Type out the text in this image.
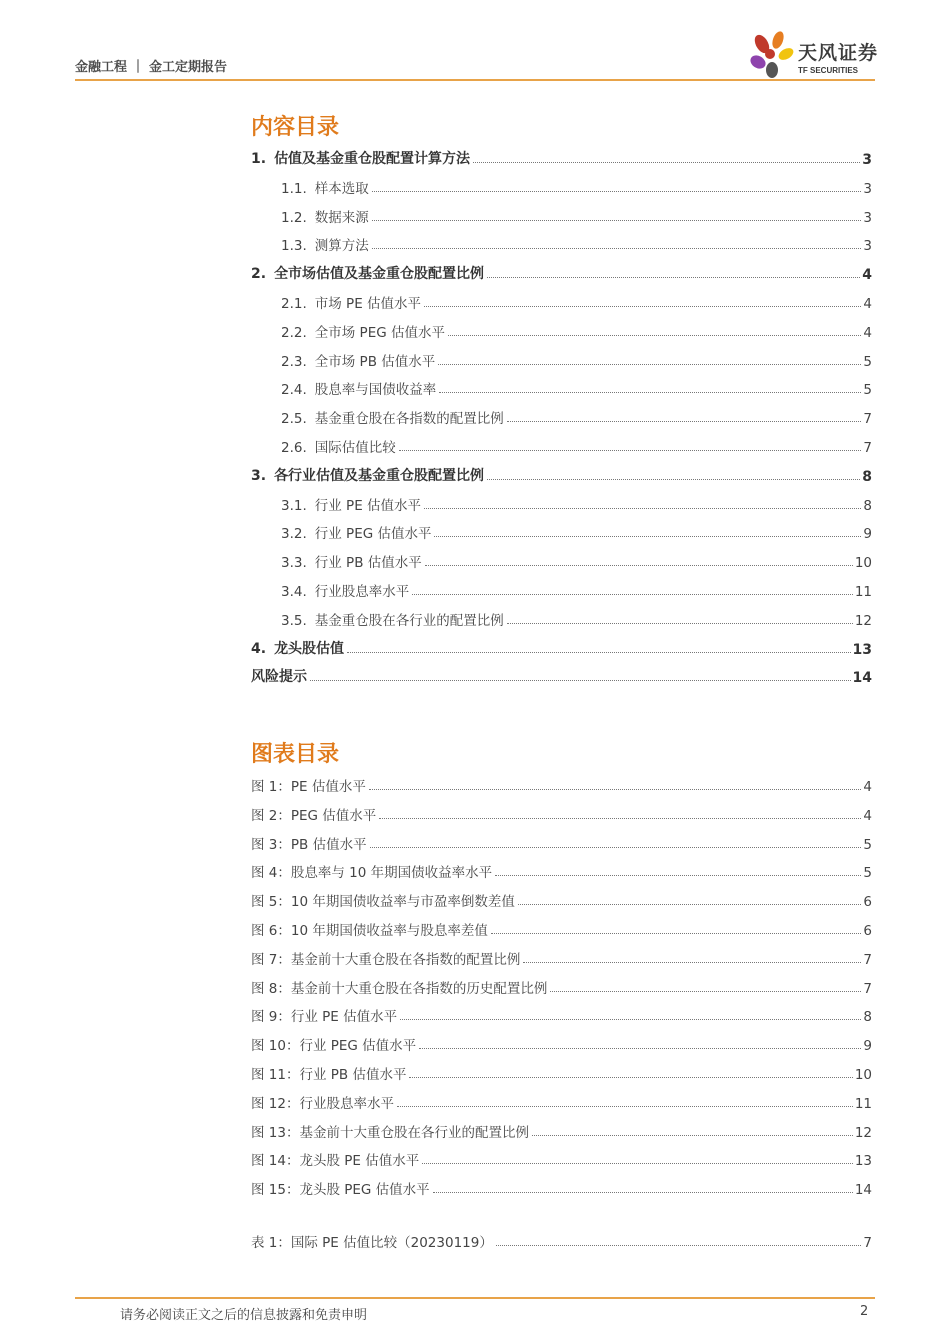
金融工程 ｜ 金工定期报告
天风证券
TF SECURITIES
内容目录
1. 估值及基金重仓股配置计算方法	3
1.1. 样本选取	3
1.2. 数据来源	3
1.3. 测算方法	3
2. 全市场估值及基金重仓股配置比例	4
2.1. 市场 PE 估值水平	4
2.2. 全市场 PEG 估值水平	4
2.3. 全市场 PB 估值水平	5
2.4. 股息率与国债收益率	5
2.5. 基金重仓股在各指数的配置比例	7
2.6. 国际估值比较	7
3. 各行业估值及基金重仓股配置比例	8
3.1. 行业 PE 估值水平	8
3.2. 行业 PEG 估值水平	9
3.3. 行业 PB 估值水平	10
3.4. 行业股息率水平	11
3.5. 基金重仓股在各行业的配置比例	12
4. 龙头股估值	13
风险提示	14
图表目录
图 1：PE 估值水平	4
图 2：PEG 估值水平	4
图 3：PB 估值水平	5
图 4：股息率与 10 年期国债收益率水平	5
图 5：10 年期国债收益率与市盈率倒数差值	6
图 6：10 年期国债收益率与股息率差值	6
图 7：基金前十大重仓股在各指数的配置比例	7
图 8：基金前十大重仓股在各指数的历史配置比例	7
图 9：行业 PE 估值水平	8
图 10：行业 PEG 估值水平	9
图 11：行业 PB 估值水平	10
图 12：行业股息率水平	11
图 13：基金前十大重仓股在各行业的配置比例	12
图 14：龙头股 PE 估值水平	13
图 15：龙头股 PEG 估值水平	14
表 1：国际 PE 估值比较（20230119）	7
请务必阅读正文之后的信息披露和免责申明	2
